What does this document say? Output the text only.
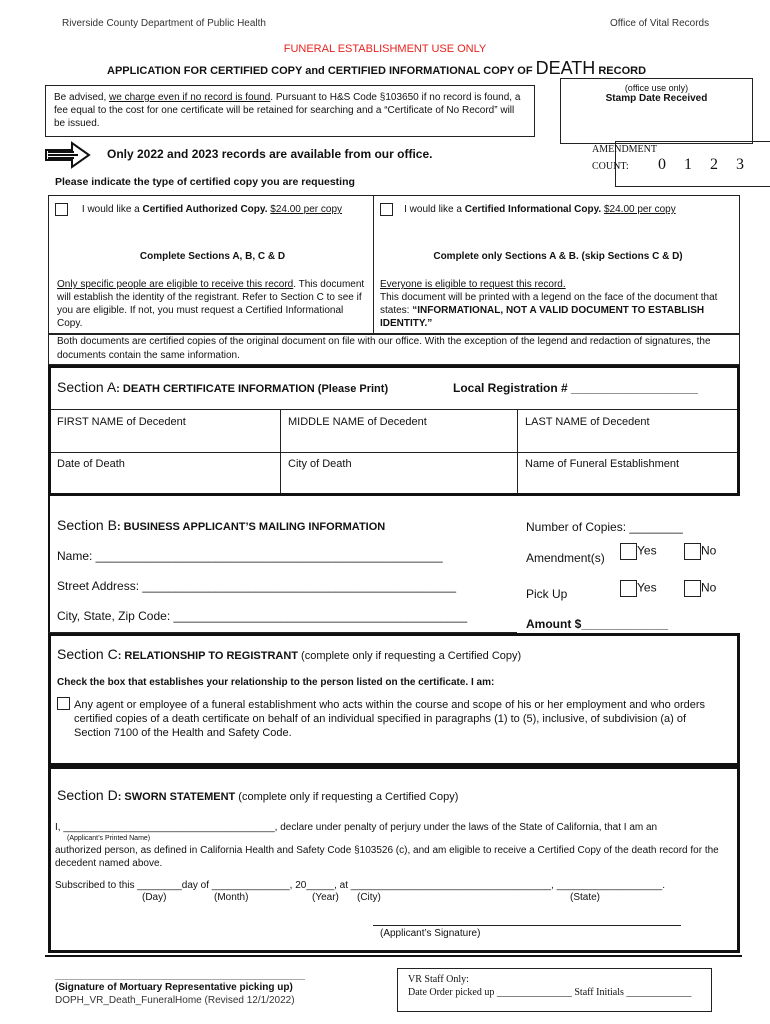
Riverside County Department of Public Health	Office of Vital Records
FUNERAL ESTABLISHMENT USE ONLY
APPLICATION FOR CERTIFIED COPY and CERTIFIED INFORMATIONAL COPY OF DEATH RECORD
Be advised, we charge even if no record is found. Pursuant to H&S Code §103650 if no record is found, a fee equal to the cost for one certificate will be retained for searching and a “Certificate of No Record” will be issued.
(office use only)
Stamp Date Received
AMENDMENT
COUNT: 0 1 2 3
Only 2022 and 2023 records are available from our office.
Please indicate the type of certified copy you are requesting
I would like a Certified Authorized Copy. $24.00 per copy
Complete Sections A, B, C & D
Only specific people are eligible to receive this record. This document will establish the identity of the registrant. Refer to Section C to see if you are eligible. If not, you must request a Certified Informational Copy.
I would like a Certified Informational Copy. $24.00 per copy
Complete only Sections A & B. (skip Sections C & D)
Everyone is eligible to request this record.
This document will be printed with a legend on the face of the document that states: “INFORMATIONAL, NOT A VALID DOCUMENT TO ESTABLISH IDENTITY.”
Both documents are certified copies of the original document on file with our office. With the exception of the legend and redaction of signatures, the documents contain the same information.
Section A: DEATH CERTIFICATE INFORMATION (Please Print)	Local Registration # ___________________
FIRST NAME of Decedent	MIDDLE NAME of Decedent	LAST NAME of Decedent
Date of Death	City of Death	Name of Funeral Establishment
Section B: BUSINESS APPLICANT’S MAILING INFORMATION
Name: ____________________________________________________
Street Address: _______________________________________________
City, State, Zip Code: ____________________________________________
Number of Copies: ________
Amendment(s)
Yes	No
Pick Up	Yes	No
Amount $_____________
Section C: RELATIONSHIP TO REGISTRANT (complete only if requesting a Certified Copy)
Check the box that establishes your relationship to the person listed on the certificate. I am:
Any agent or employee of a funeral establishment who acts within the course and scope of his or her employment and who orders certified copies of a death certificate on behalf of an individual specified in paragraphs (1) to (5), inclusive, of subdivision (a) of Section 7100 of the Health and Safety Code.
Section D: SWORN STATEMENT (complete only if requesting a Certified Copy)
I, ______________________________________, declare under penalty of perjury under the laws of the State of California, that I am an
(Applicant’s Printed Name)
authorized person, as defined in California Health and Safety Code §103526 (c), and am eligible to receive a Certified Copy of the death record for the decedent named above.
Subscribed to this ________day of ______________, 20_____, at ____________________________________, ___________________.
(Day)	(Month)	(Year) (City)	(State)
(Applicant’s Signature)
(Signature of Mortuary Representative picking up)
DOPH_VR_Death_FuneralHome (Revised 12/1/2022)
VR Staff Only:
Date Order picked up _______________ Staff Initials _____________
